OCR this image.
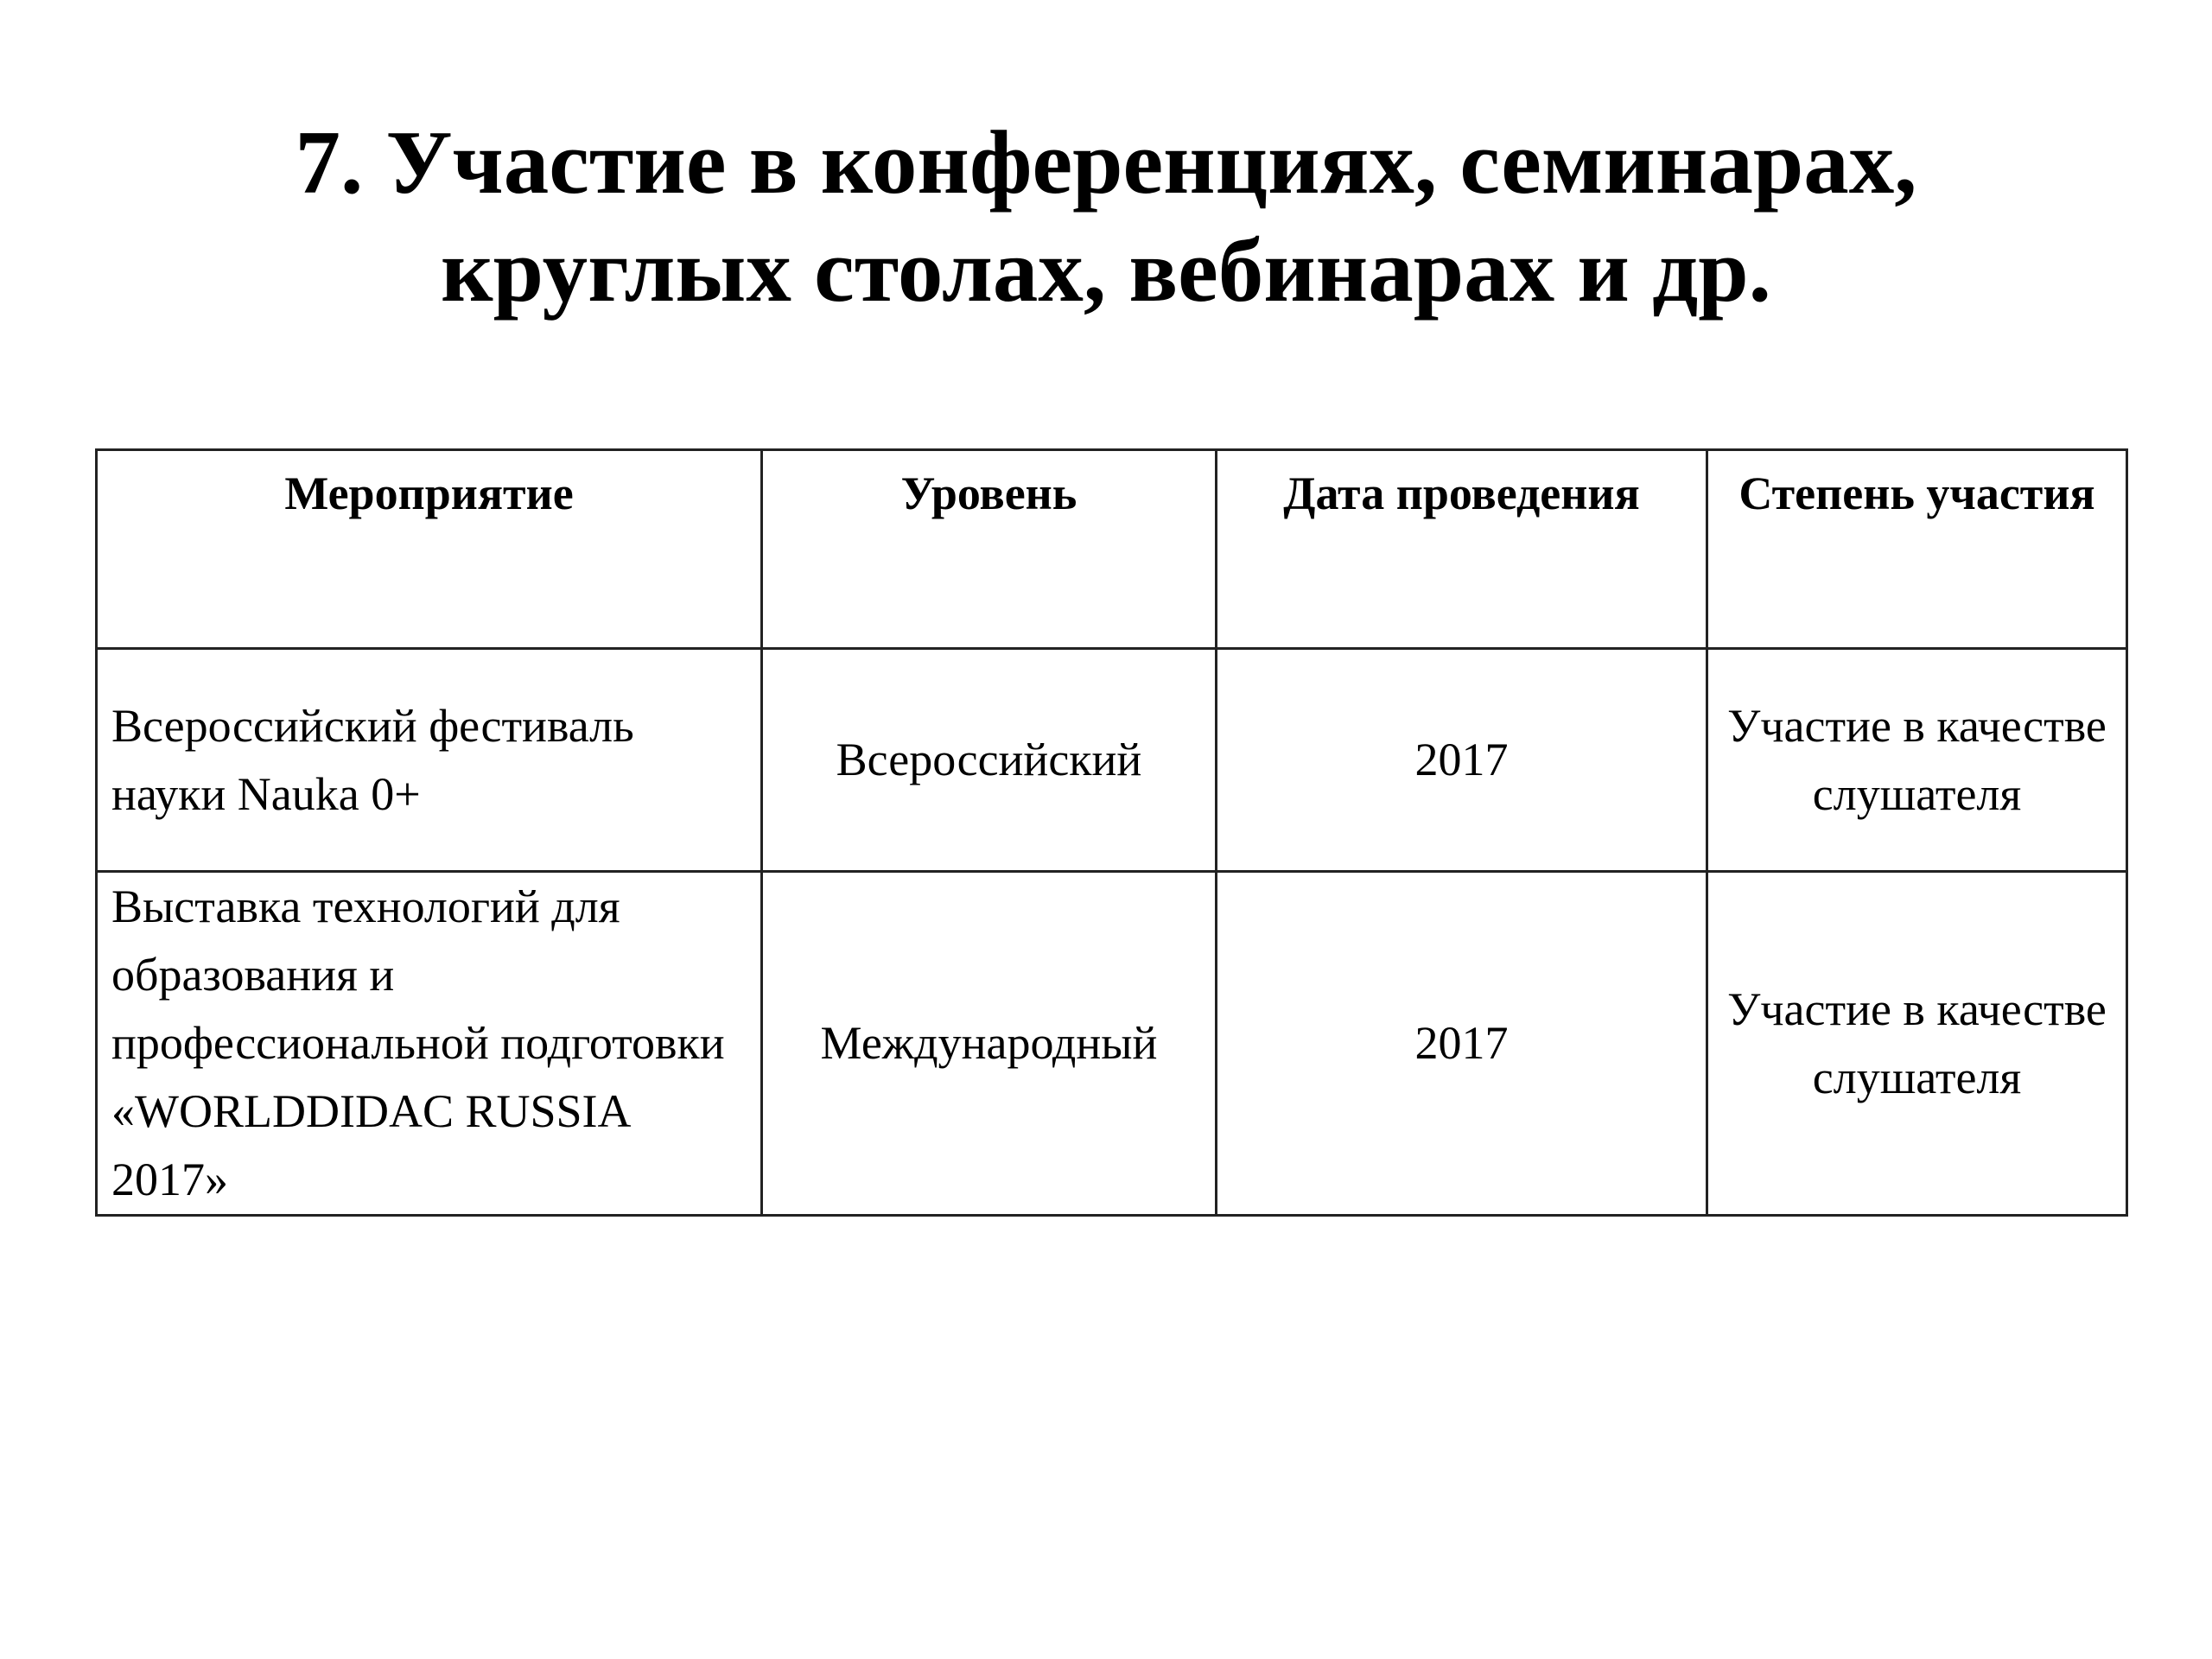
7. Участие в конференциях, семинарах,
круглых столах, вебинарах и др.
Мероприятие	Уровень	Дата проведения	Степень участия
Всероссийский фестиваль науки Nauka 0+	Всероссийский	2017	Участие в качестве слушателя
Выставка технологий для образования и профессиональной подготовки «WORLDDIDAC RUSSIA 2017»	Международный	2017	Участие в качестве слушателя
